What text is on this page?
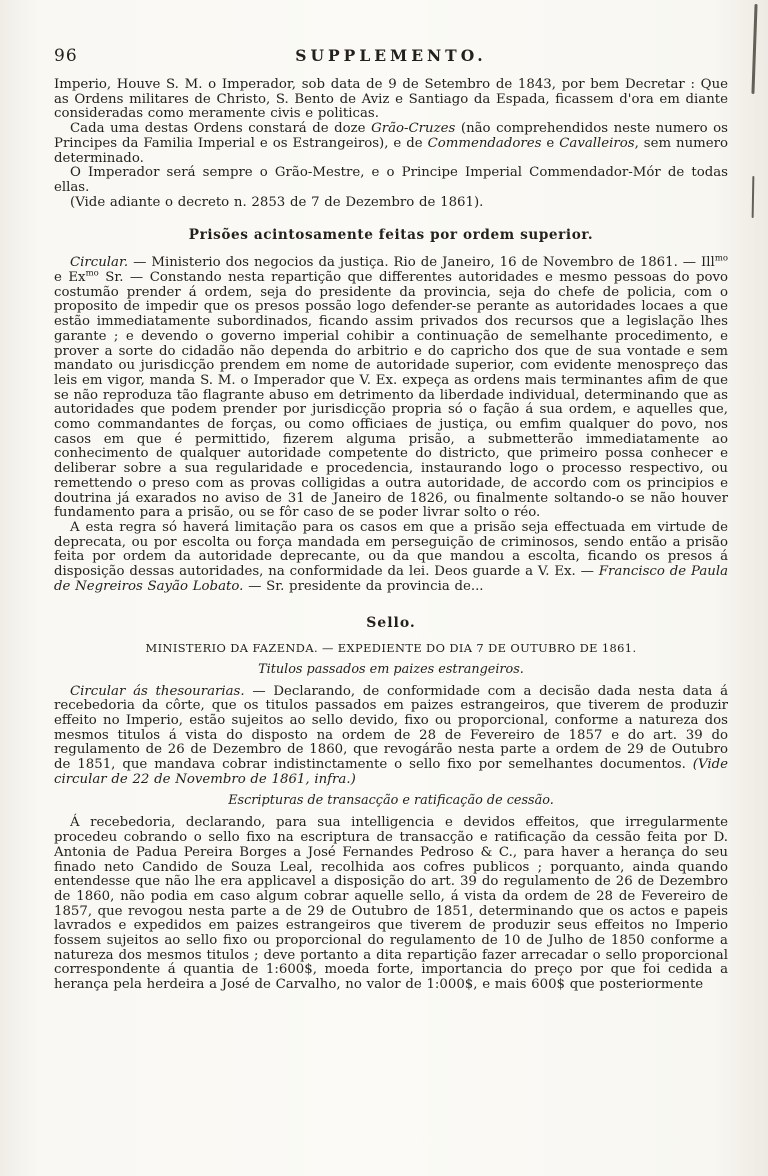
96	SUPPLEMENTO.

Imperio, Houve S. M. o Imperador, sob data de 9 de Setembro de 1843, por bem Decretar : Que as Ordens militares de Christo, S. Bento de Aviz e Santiago da Espada, ficassem d'ora em diante consideradas como meramente civis e politicas.

Cada uma destas Ordens constará de doze Grão-Cruzes (não comprehendidos neste numero os Principes da Familia Imperial e os Estrangeiros), e de Commendadores e Cavalleiros, sem numero determinado.

O Imperador será sempre o Grão-Mestre, e o Principe Imperial Commendador-Mór de todas ellas.

(Vide adiante o decreto n. 2853 de 7 de Dezembro de 1861).

Prisões acintosamente feitas por ordem superior.

Circular. — Ministerio dos negocios da justiça. Rio de Janeiro, 16 de Novembro de 1861. — Ill$^{mo}$ e $Ex^{mo}$ Sr. — Constando nesta repartição que differentes autoridades e mesmo pessoas do povo costumão prender á ordem, seja do presidente da provincia, seja do chefe de policia, com o proposito de impedir que os presos possão logo defender-se perante as autoridades locaes a que estão immediatamente subordinados, ficando assim privados dos recursos que a legislação lhes garante ; e devendo o governo imperial cohibir a continuação de semelhante procedimento, e prover a sorte do cidadão não dependa do arbitrio e do capricho dos que de sua vontade e sem mandato ou jurisdicção prendem em nome de autoridade superior, com evidente menospreço das leis em vigor, manda S. M. o Imperador que V. Ex. expeça as ordens mais terminantes afim de que se não reproduza tão flagrante abuso em detrimento da liberdade individual, determinando que as autoridades que podem prender por jurisdicção propria só o fação á sua ordem, e aquelles que, como commandantes de forças, ou como officiaes de justiça, ou emfim qualquer do povo, nos casos em que é permittido, fizerem alguma prisão, a submetterão immediatamente ao conhecimento de qualquer autoridade competente do districto, que primeiro possa conhecer e deliberar sobre a sua regularidade e procedencia, instaurando logo o processo respectivo, ou remettendo o preso com as provas colligidas a outra autoridade, de accordo com os principios e doutrina já exarados no aviso de 31 de Janeiro de 1826, ou finalmente soltando-o se não houver fundamento para a prisão, ou se fôr caso de se poder livrar solto o réo.

A esta regra só haverá limitação para os casos em que a prisão seja effectuada em virtude de deprecata, ou por escolta ou força mandada em perseguição de criminosos, sendo então a prisão feita por ordem da autoridade deprecante, ou da que mandou a escolta, ficando os presos á disposição dessas autoridades, na conformidade da lei. Deos guarde a V. Ex. — Francisco de Paula de Negreiros Sayão Lobato. — Sr. presidente da provincia de...

Sello.
MINISTERIO DA FAZENDA. — EXPEDIENTE DO DIA 7 DE OUTUBRO DE 1861.
Titulos passados em paizes estrangeiros.

Circular ás thesourarias. — Declarando, de conformidade com a decisão dada nesta data á recebedoria da côrte, que os titulos passados em paizes estrangeiros, que tiverem de produzir effeito no Imperio, estão sujeitos ao sello devido, fixo ou proporcional, conforme a natureza dos mesmos titulos á vista do disposto na ordem de 28 de Fevereiro de 1857 e do art. 39 do regulamento de 26 de Dezembro de 1860, que revogárão nesta parte a ordem de 29 de Outubro de 1851, que mandava cobrar indistinctamente o sello fixo por semelhantes documentos. (Vide circular de 22 de Novembro de 1861, infra.)

Escripturas de transacção e ratificação de cessão.

Á recebedoria, declarando, para sua intelligencia e devidos effeitos, que irregularmente procedeu cobrando o sello fixo na escriptura de transacção e ratificação da cessão feita por D. Antonia de Padua Pereira Borges a José Fernandes Pedroso & C., para haver a herança do seu finado neto Candido de Souza Leal, recolhida aos cofres publicos ; porquanto, ainda quando entendesse que não lhe era applicavel a disposição do art. 39 do regulamento de 26 de Dezembro de 1860, não podia em caso algum cobrar aquelle sello, á vista da ordem de 28 de Fevereiro de 1857, que revogou nesta parte a de 29 de Outubro de 1851, determinando que os actos e papeis lavrados e expedidos em paizes estrangeiros que tiverem de produzir seus effeitos no Imperio fossem sujeitos ao sello fixo ou proporcional do regulamento de 10 de Julho de 1850 conforme a natureza dos mesmos titulos ; deve portanto a dita repartição fazer arrecadar o sello proporcional correspondente á quantia de 1:600$, moeda forte, importancia do preço por que foi cedida a herança pela herdeira a José de Carvalho, no valor de 1:000$, e mais 600$ que posteriormente
